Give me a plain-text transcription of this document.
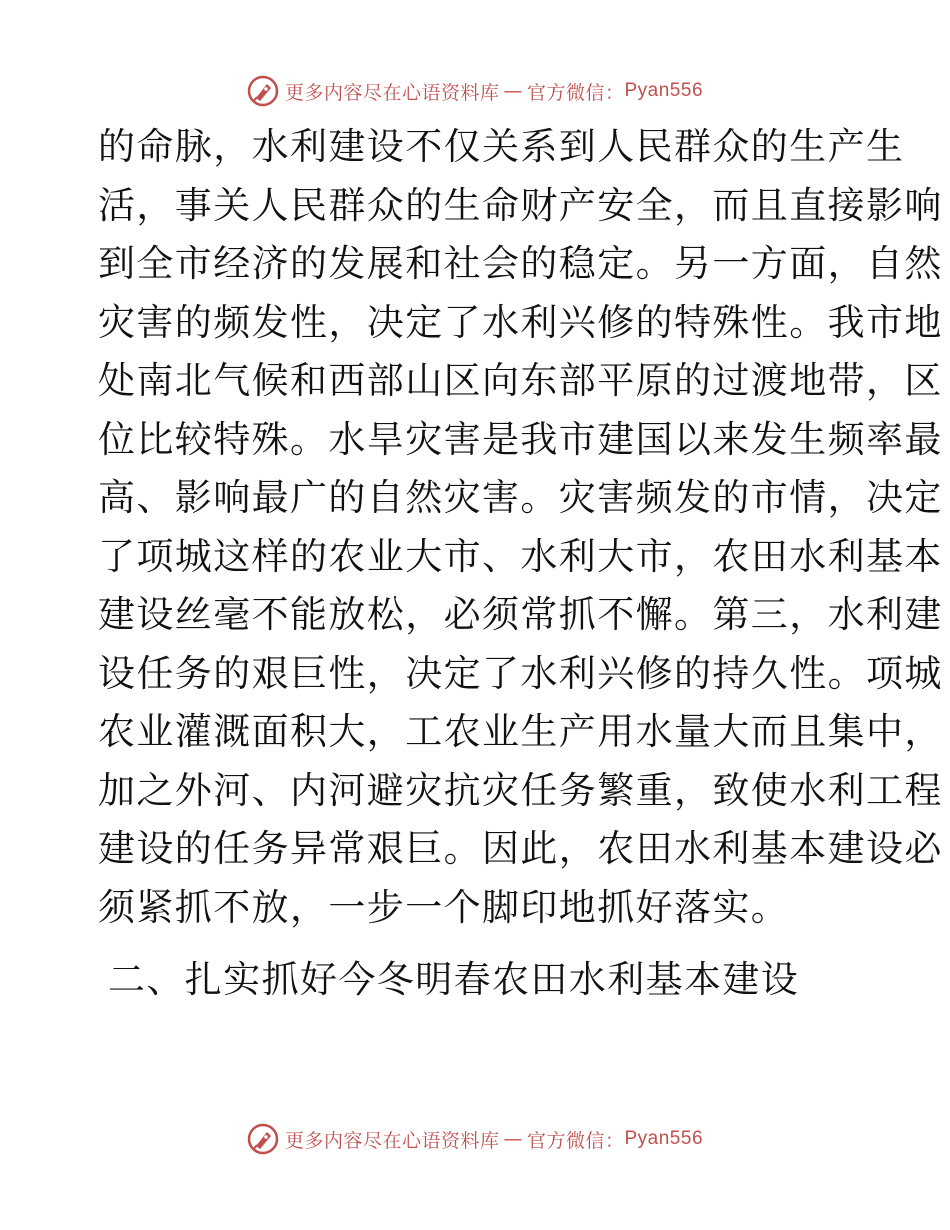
更多内容尽在心语资料库 — 官方微信： Pyan556
的命脉，水利建设不仅关系到人民群众的生产生
活，事关人民群众的生命财产安全，而且直接影响
到全市经济的发展和社会的稳定。另一方面，自然
灾害的频发性，决定了水利兴修的特殊性。我市地
处南北气候和西部山区向东部平原的过渡地带，区
位比较特殊。水旱灾害是我市建国以来发生频率最
高、影响最广的自然灾害。灾害频发的市情，决定
了项城这样的农业大市、水利大市，农田水利基本
建设丝毫不能放松，必须常抓不懈。第三，水利建
设任务的艰巨性，决定了水利兴修的持久性。项城
农业灌溉面积大，工农业生产用水量大而且集中，
加之外河、内河避灾抗灾任务繁重，致使水利工程
建设的任务异常艰巨。因此，农田水利基本建设必
须紧抓不放，一步一个脚印地抓好落实。
二、扎实抓好今冬明春农田水利基本建设
更多内容尽在心语资料库 — 官方微信： Pyan556
